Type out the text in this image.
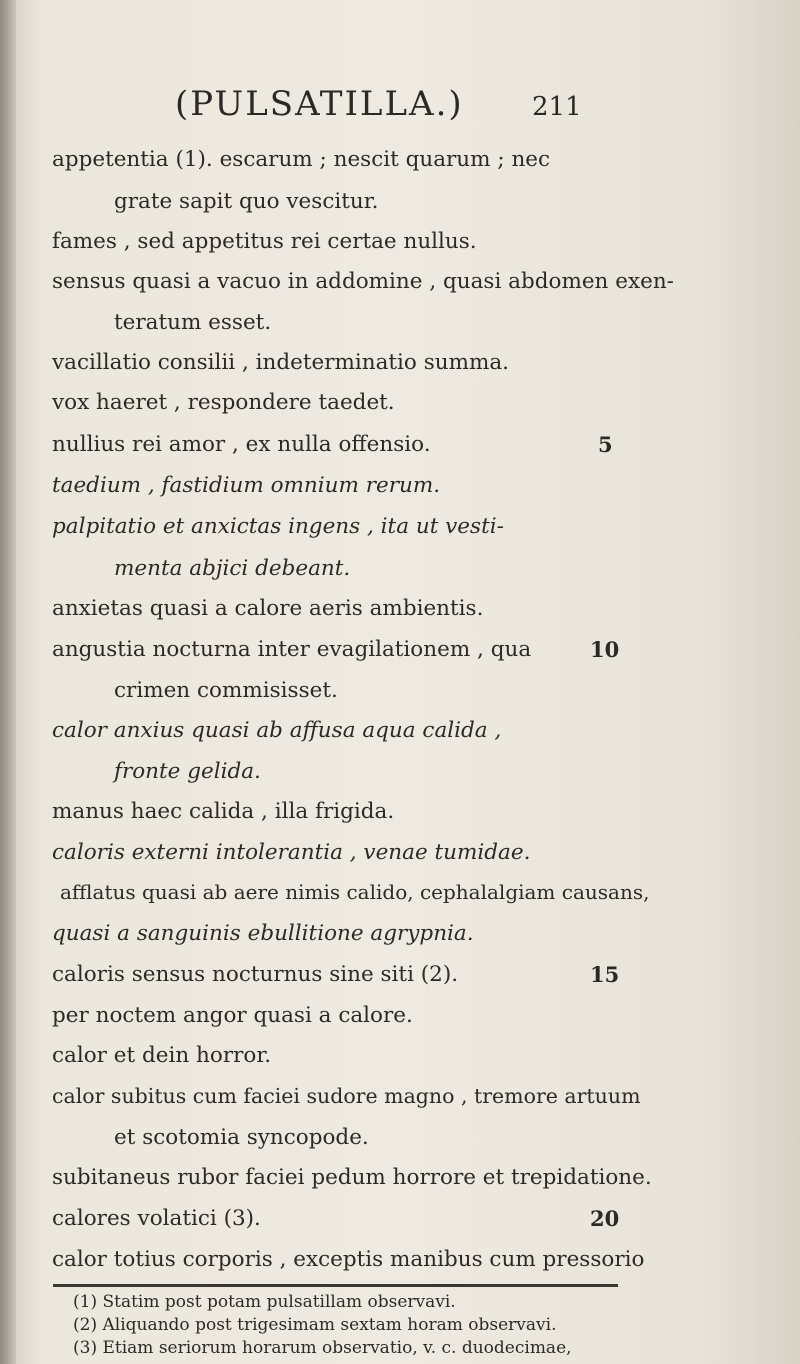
(PULSATILLA.)	211
appetentia (1). escarum ; nescit quarum ; nec
grate sapit quo vescitur.
fames , sed appetitus rei certae nullus.
sensus quasi a vacuo in addomine , quasi abdomen exen-
teratum esset.
vacillatio consilii , indeterminatio summa.
vox haeret , respondere taedet.
nullius rei amor , ex nulla offensio.
taedium , fastidium omnium rerum.
palpitatio et anxictas ingens , ita ut vesti-
menta abjici debeant.
anxietas quasi a calore aeris ambientis.
angustia nocturna inter evagilationem , qua
crimen commisisset.
calor anxius quasi ab affusa aqua calida ,
fronte gelida.
manus haec calida , illa frigida.
caloris externi intolerantia , venae tumidae.
afflatus quasi ab aere nimis calido, cephalalgiam causans,
quasi a sanguinis ebullitione agrypnia.
caloris sensus nocturnus sine siti (2).
per noctem angor quasi a calore.
calor et dein horror.
calor subitus cum faciei sudore magno , tremore artuum
et scotomia syncopode.
subitaneus rubor faciei pedum horrore et trepidatione.
calores volatici (3).
calor totius corporis , exceptis manibus cum pressorio
5
10
15
20
(1) Statim post potam pulsatillam observavi.
(2) Aliquando post trigesimam sextam horam observavi.
(3) Etiam seriorum horarum observatio, v. c. duodecimae,
